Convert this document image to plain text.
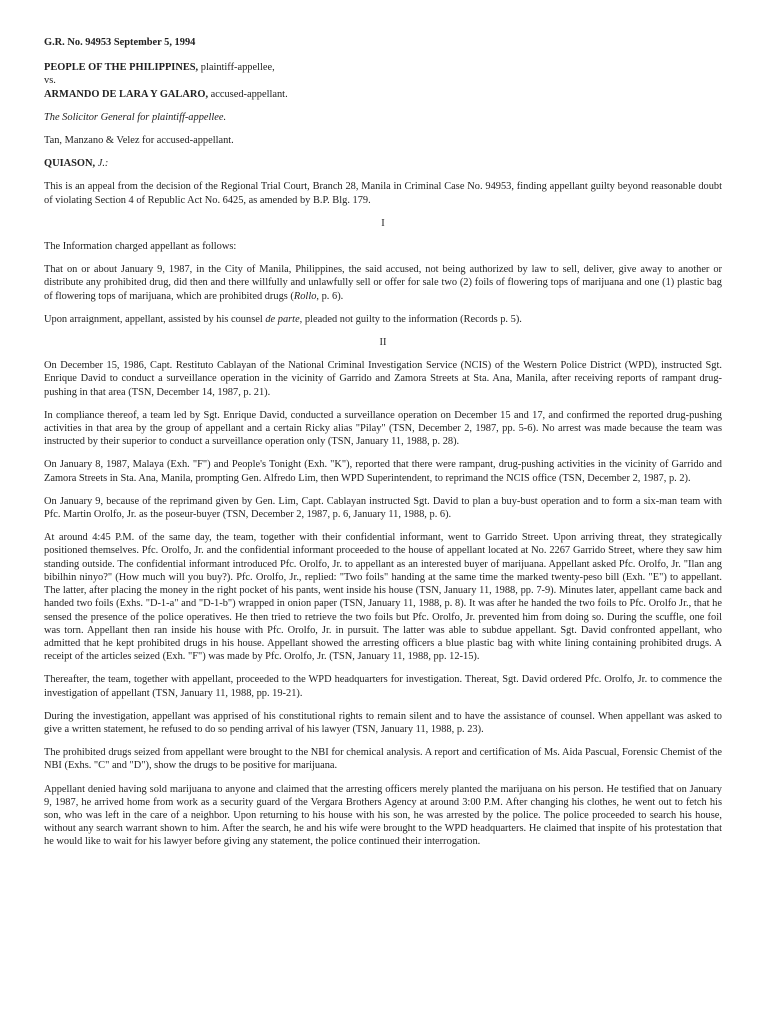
G.R. No. 94953 September 5, 1994

PEOPLE OF THE PHILIPPINES, plaintiff-appellee,
vs.
ARMANDO DE LARA Y GALARO, accused-appellant.

The Solicitor General for plaintiff-appellee.

Tan, Manzano & Velez for accused-appellant.

QUIASON, J.:

This is an appeal from the decision of the Regional Trial Court, Branch 28, Manila in Criminal Case No. 94953, finding appellant guilty beyond reasonable doubt of violating Section 4 of Republic Act No. 6425, as amended by B.P. Blg. 179.

I

The Information charged appellant as follows:

That on or about January 9, 1987, in the City of Manila, Philippines, the said accused, not being authorized by law to sell, deliver, give away to another or distribute any prohibited drug, did then and there willfully and unlawfully sell or offer for sale two (2) foils of flowering tops of marijuana and one (1) plastic bag of flowering tops of marijuana, which are prohibited drugs (Rollo, p. 6).

Upon arraignment, appellant, assisted by his counsel de parte, pleaded not guilty to the information (Records p. 5).

II

On December 15, 1986, Capt. Restituto Cablayan of the National Criminal Investigation Service (NCIS) of the Western Police District (WPD), instructed Sgt. Enrique David to conduct a surveillance operation in the vicinity of Garrido and Zamora Streets at Sta. Ana, Manila, after receiving reports of rampant drug-pushing in that area (TSN, December 14, 1987, p. 21).

In compliance thereof, a team led by Sgt. Enrique David, conducted a surveillance operation on December 15 and 17, and confirmed the reported drug-pushing activities in that area by the group of appellant and a certain Ricky alias "Pilay" (TSN, December 2, 1987, pp. 5-6). No arrest was made because the team was instructed by their superior to conduct a surveillance operation only (TSN, January 11, 1988, p. 28).

On January 8, 1987, Malaya (Exh. "F") and People's Tonight (Exh. "K"), reported that there were rampant, drug-pushing activities in the vicinity of Garrido and Zamora Streets in Sta. Ana, Manila, prompting Gen. Alfredo Lim, then WPD Superintendent, to reprimand the NCIS office (TSN, December 2, 1987, p. 2).

On January 9, because of the reprimand given by Gen. Lim, Capt. Cablayan instructed Sgt. David to plan a buy-bust operation and to form a six-man team with Pfc. Martin Orolfo, Jr. as the poseur-buyer (TSN, December 2, 1987, p. 6, January 11, 1988, p. 6).

At around 4:45 P.M. of the same day, the team, together with their confidential informant, went to Garrido Street. Upon arriving threat, they strategically positioned themselves. Pfc. Orolfo, Jr. and the confidential informant proceeded to the house of appellant located at No. 2267 Garrido Street, where they saw him standing outside. The confidential informant introduced Pfc. Orolfo, Jr. to appellant as an interested buyer of marijuana. Appellant asked Pfc. Orolfo, Jr. "Ilan ang bibilhin ninyo?" (How much will you buy?). Pfc. Orolfo, Jr., replied: "Two foils" handing at the same time the marked twenty-peso bill (Exh. "E") to appellant. The latter, after placing the money in the right pocket of his pants, went inside his house (TSN, January 11, 1988, pp. 7-9). Minutes later, appellant came back and handed two foils (Exhs. "D-1-a" and "D-1-b") wrapped in onion paper (TSN, January 11, 1988, p. 8). It was after he handed the two foils to Pfc. Orolfo Jr., that he sensed the presence of the police operatives. He then tried to retrieve the two foils but Pfc. Orolfo, Jr. prevented him from doing so. During the scuffle, one foil was torn. Appellant then ran inside his house with Pfc. Orolfo, Jr. in pursuit. The latter was able to subdue appellant. Sgt. David confronted appellant, who admitted that he kept prohibited drugs in his house. Appellant showed the arresting officers a blue plastic bag with white lining containing prohibited drugs. A receipt of the articles seized (Exh. "F") was made by Pfc. Orolfo, Jr. (TSN, January 11, 1988, pp. 12-15).

Thereafter, the team, together with appellant, proceeded to the WPD headquarters for investigation. Thereat, Sgt. David ordered Pfc. Orolfo, Jr. to commence the investigation of appellant (TSN, January 11, 1988, pp. 19-21).

During the investigation, appellant was apprised of his constitutional rights to remain silent and to have the assistance of counsel. When appellant was asked to give a written statement, he refused to do so pending arrival of his lawyer (TSN, January 11, 1988, p. 23).

The prohibited drugs seized from appellant were brought to the NBI for chemical analysis. A report and certification of Ms. Aida Pascual, Forensic Chemist of the NBI (Exhs. "C" and "D"), show the drugs to be positive for marijuana.

Appellant denied having sold marijuana to anyone and claimed that the arresting officers merely planted the marijuana on his person. He testified that on January 9, 1987, he arrived home from work as a security guard of the Vergara Brothers Agency at around 3:00 P.M. After changing his clothes, he went out to fetch his son, who was left in the care of a neighbor. Upon returning to his house with his son, he was arrested by the police. The police proceeded to search his house, without any search warrant shown to him. After the search, he and his wife were brought to the WPD headquarters. He claimed that inspite of his protestation that he would like to wait for his lawyer before giving any statement, the police continued their interrogation.
